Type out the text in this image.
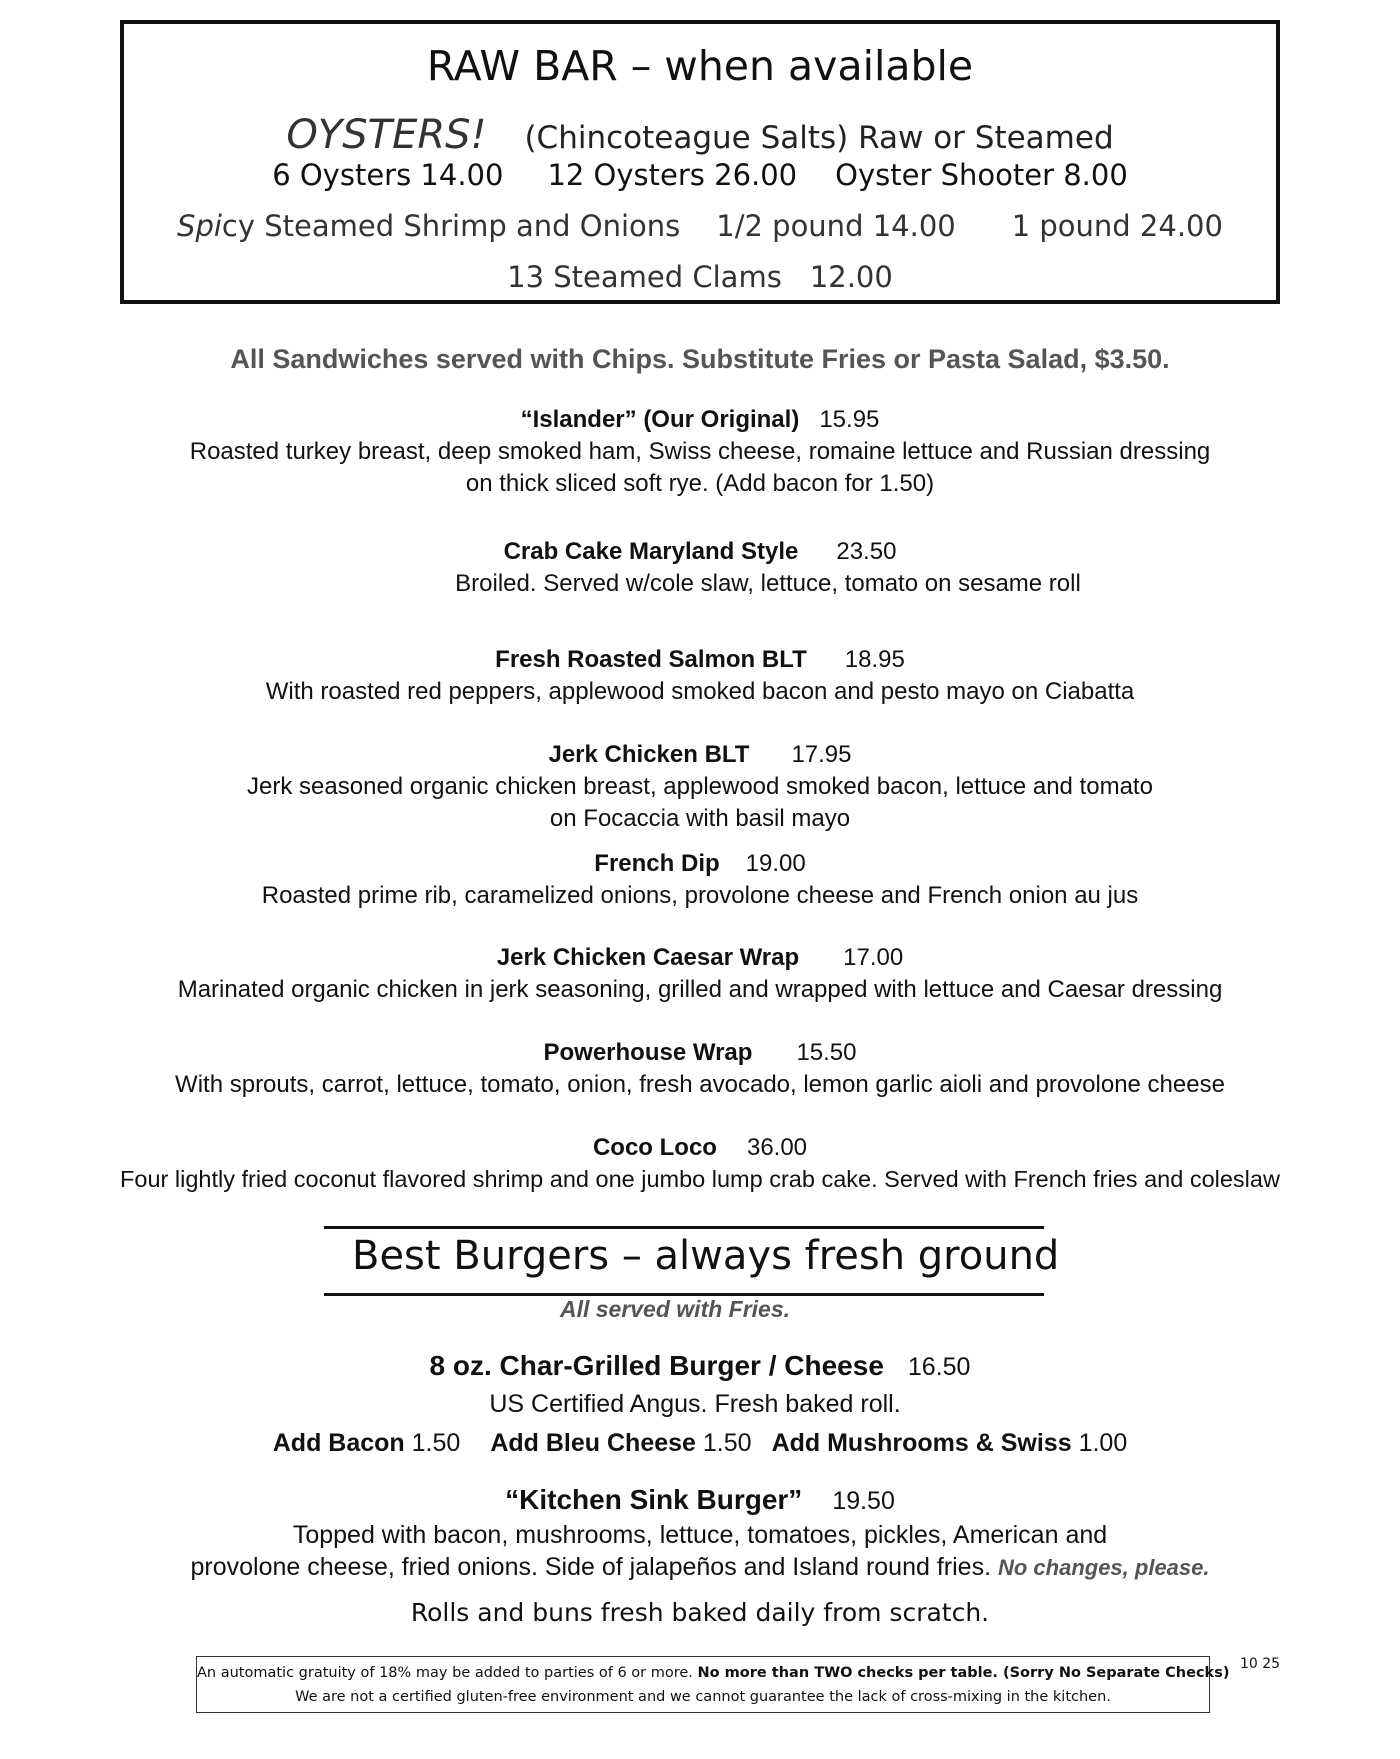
RAW BAR – when available
OYSTERS! (Chincoteague Salts) Raw or Steamed
6 Oysters 14.00 12 Oysters 26.00 Oyster Shooter 8.00
Spicy Steamed Shrimp and Onions 1/2 pound 14.00 1 pound 24.00
13 Steamed Clams 12.00
All Sandwiches served with Chips. Substitute Fries or Pasta Salad, $3.50.
“Islander” (Our Original) 15.95
Roasted turkey breast, deep smoked ham, Swiss cheese, romaine lettuce and Russian dressing
on thick sliced soft rye. (Add bacon for 1.50)
Crab Cake Maryland Style 23.50
Broiled. Served w/cole slaw, lettuce, tomato on sesame roll
Fresh Roasted Salmon BLT 18.95
With roasted red peppers, applewood smoked bacon and pesto mayo on Ciabatta
Jerk Chicken BLT 17.95
Jerk seasoned organic chicken breast, applewood smoked bacon, lettuce and tomato
on Focaccia with basil mayo
French Dip 19.00
Roasted prime rib, caramelized onions, provolone cheese and French onion au jus
Jerk Chicken Caesar Wrap 17.00
Marinated organic chicken in jerk seasoning, grilled and wrapped with lettuce and Caesar dressing
Powerhouse Wrap 15.50
With sprouts, carrot, lettuce, tomato, onion, fresh avocado, lemon garlic aioli and provolone cheese
Coco Loco 36.00
Four lightly fried coconut flavored shrimp and one jumbo lump crab cake. Served with French fries and coleslaw
Best Burgers – always fresh ground
All served with Fries.
8 oz. Char-Grilled Burger / Cheese 16.50
US Certified Angus. Fresh baked roll.
Add Bacon 1.50 Add Bleu Cheese 1.50 Add Mushrooms & Swiss 1.00
“Kitchen Sink Burger” 19.50
Topped with bacon, mushrooms, lettuce, tomatoes, pickles, American and
provolone cheese, fried onions. Side of jalapeños and Island round fries. No changes, please.
Rolls and buns fresh baked daily from scratch.
An automatic gratuity of 18% may be added to parties of 6 or more. No more than TWO checks per table. (Sorry No Separate Checks)
We are not a certified gluten-free environment and we cannot guarantee the lack of cross-mixing in the kitchen.
10 25
